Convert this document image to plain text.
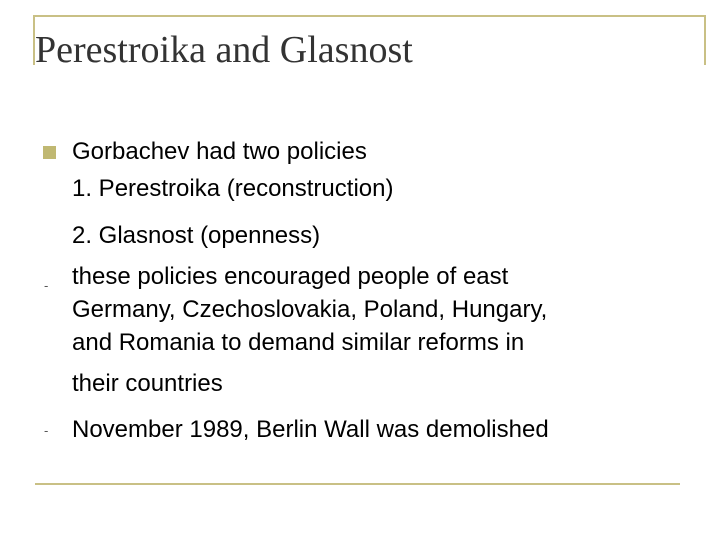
Perestroika and Glasnost
Gorbachev had two policies
1. Perestroika (reconstruction)
2. Glasnost (openness)
- these policies encouraged people of east
Germany, Czechoslovakia, Poland, Hungary,
and Romania to demand similar reforms in
their countries
- November 1989, Berlin Wall was demolished
